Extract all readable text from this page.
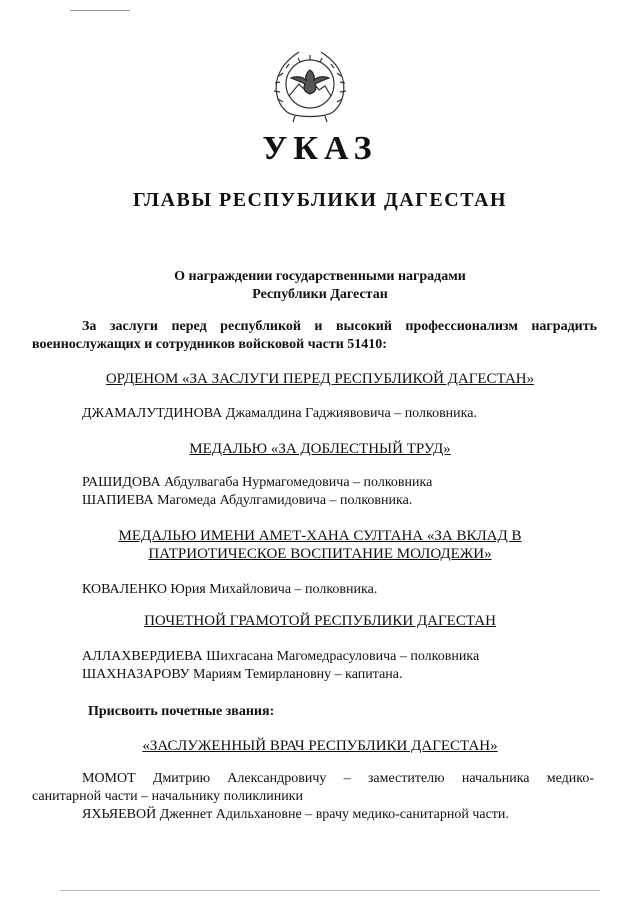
УКАЗ
ГЛАВЫ РЕСПУБЛИКИ ДАГЕСТАН
О награждении государственными наградами
Республики Дагестан
За заслуги перед республикой и высокий профессионализм наградить
военнослужащих и сотрудников войсковой части 51410:
ОРДЕНОМ «ЗА ЗАСЛУГИ ПЕРЕД РЕСПУБЛИКОЙ ДАГЕСТАН»
ДЖАМАЛУТДИНОВА Джамалдина Гаджиявовича – полковника.
МЕДАЛЬЮ «ЗА ДОБЛЕСТНЫЙ ТРУД»
РАШИДОВА Абдулвагаба Нурмагомедовича – полковника
ШАПИЕВА Магомеда Абдулгамидовича – полковника.
МЕДАЛЬЮ ИМЕНИ АМЕТ-ХАНА СУЛТАНА «ЗА ВКЛАД В
ПАТРИОТИЧЕСКОЕ ВОСПИТАНИЕ МОЛОДЕЖИ»
КОВАЛЕНКО Юрия Михайловича – полковника.
ПОЧЕТНОЙ ГРАМОТОЙ РЕСПУБЛИКИ ДАГЕСТАН
АЛЛАХВЕРДИЕВА Шихгасана Магомедрасуловича – полковника
ШАХНАЗАРОВУ Мариям Темирлановну – капитана.
Присвоить почетные звания:
«ЗАСЛУЖЕННЫЙ ВРАЧ РЕСПУБЛИКИ ДАГЕСТАН»
МОМОТ Дмитрию Александровичу – заместителю начальника медико-
санитарной части – начальнику поликлиники
ЯХЬЯЕВОЙ Дженнет Адильхановне – врачу медико-санитарной части.
